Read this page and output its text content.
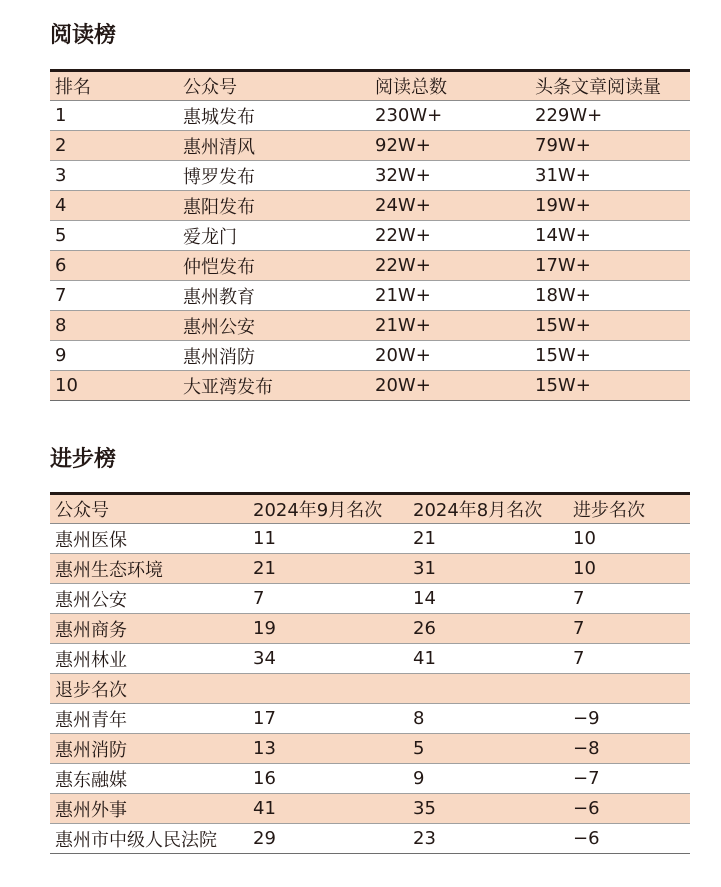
阅读榜
排名	公众号	阅读总数	头条文章阅读量
1	惠城发布	230W+	229W+
2	惠州清风	92W+	79W+
3	博罗发布	32W+	31W+
4	惠阳发布	24W+	19W+
5	爱龙门	22W+	14W+
6	仲恺发布	22W+	17W+
7	惠州教育	21W+	18W+
8	惠州公安	21W+	15W+
9	惠州消防	20W+	15W+
10	大亚湾发布	20W+	15W+
进步榜
公众号	2024年9月名次	2024年8月名次	进步名次
惠州医保	11	21	10
惠州生态环境	21	31	10
惠州公安	7	14	7
惠州商务	19	26	7
惠州林业	34	41	7
退步名次			
惠州青年	17	8	−9
惠州消防	13	5	−8
惠东融媒	16	9	−7
惠州外事	41	35	−6
惠州市中级人民法院	29	23	−6
